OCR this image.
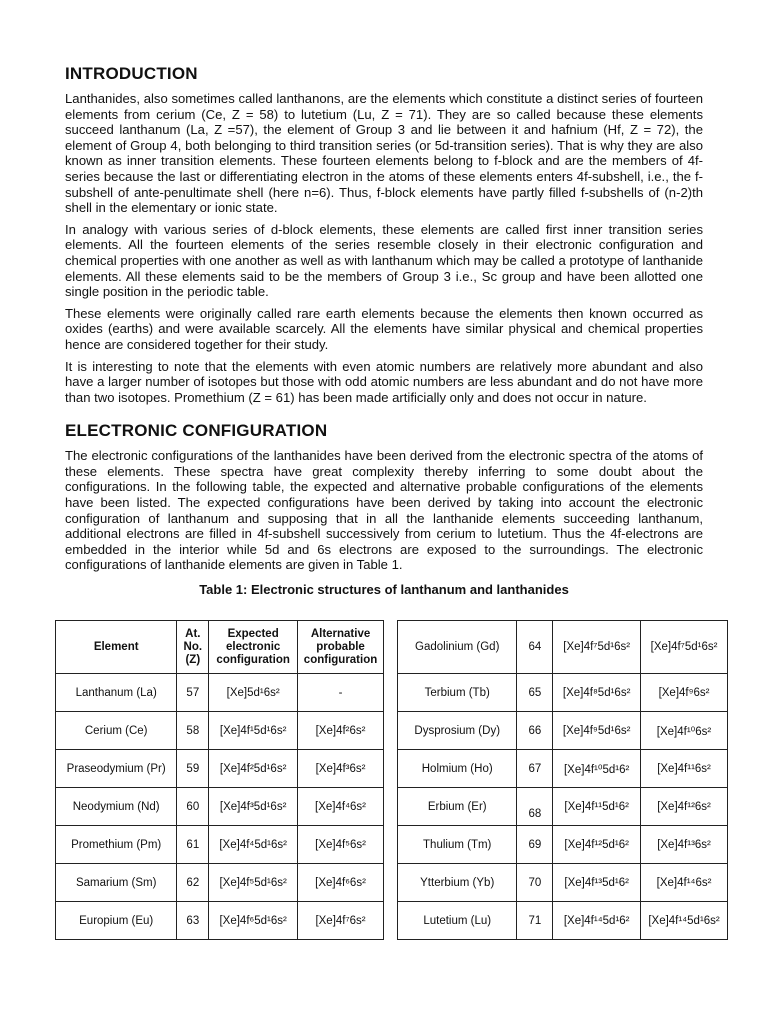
INTRODUCTION

Lanthanides, also sometimes called lanthanons, are the elements which constitute a distinct series of fourteen elements from cerium (Ce, Z = 58) to lutetium (Lu, Z = 71). They are so called because these elements succeed lanthanum (La, Z =57), the element of Group 3 and lie between it and hafnium (Hf, Z = 72), the element of Group 4, both belonging to third transition series (or 5d-transition series). That is why they are also known as inner transition elements. These fourteen elements belong to f-block and are the members of 4f-series because the last or differentiating electron in the atoms of these elements enters 4f-subshell, i.e., the f- subshell of ante-penultimate shell (here n=6). Thus, f-block elements have partly filled f-subshells of (n-2)th shell in the elementary or ionic state.

In analogy with various series of d-block elements, these elements are called first inner transition series elements. All the fourteen elements of the series resemble closely in their electronic configuration and chemical properties with one another as well as with lanthanum which may be called a prototype of lanthanide elements. All these elements said to be the members of Group 3 i.e., Sc group and have been allotted one single position in the periodic table.

These elements were originally called rare earth elements because the elements then known occurred as oxides (earths) and were available scarcely. All the elements have similar physical and chemical properties hence are considered together for their study.

It is interesting to note that the elements with even atomic numbers are relatively more abundant and also have a larger number of isotopes but those with odd atomic numbers are less abundant and do not have more than two isotopes. Promethium (Z = 61) has been made artificially only and does not occur in nature.

ELECTRONIC CONFIGURATION

The electronic configurations of the lanthanides have been derived from the electronic spectra of the atoms of these elements. These spectra have great complexity thereby inferring to some doubt about the configurations. In the following table, the expected and alternative probable configurations of the elements have been listed. The expected configurations have been derived by taking into account the electronic configuration of lanthanum and supposing that in all the lanthanide elements succeeding lanthanum, additional electrons are filled in 4f-subshell successively from cerium to lutetium. Thus the 4f-electrons are embedded in the interior while 5d and 6s electrons are exposed to the surroundings. The electronic configurations of lanthanide elements are given in Table 1.

Table 1: Electronic structures of lanthanum and lanthanides
Element	At.
No.
(Z)	Expected
electronic
configuration	Alternative
probable
configuration
Lanthanum (La)	57	[Xe]5d¹6s²	-
Cerium (Ce)	58	[Xe]4f¹5d¹6s²	[Xe]4f²6s²
Praseodymium (Pr)	59	[Xe]4f²5d¹6s²	[Xe]4f³6s²
Neodymium (Nd)	60	[Xe]4f³5d¹6s²	[Xe]4f⁴6s²
Promethium (Pm)	61	[Xe]4f⁴5d¹6s²	[Xe]4f⁵6s²
Samarium (Sm)	62	[Xe]4f⁵5d¹6s²	[Xe]4f⁶6s²
Europium (Eu)	63	[Xe]4f⁶5d¹6s²	[Xe]4f⁷6s²
Gadolinium (Gd)	64	[Xe]4f⁷5d¹6s²	[Xe]4f⁷5d¹6s²
Terbium (Tb)	65	[Xe]4f⁸5d¹6s²	[Xe]4f⁹6s²
Dysprosium (Dy)	66	[Xe]4f⁹5d¹6s²	[Xe]4f¹⁰6s²
Holmium (Ho)	67	[Xe]4f¹⁰5d¹6²	[Xe]4f¹¹6s²
Erbium (Er)	68	[Xe]4f¹¹5d¹6²	[Xe]4f¹²6s²
Thulium (Tm)	69	[Xe]4f¹²5d¹6²	[Xe]4f¹³6s²
Ytterbium (Yb)	70	[Xe]4f¹³5d¹6²	[Xe]4f¹⁴6s²
Lutetium (Lu)	71	[Xe]4f¹⁴5d¹6²	[Xe]4f¹⁴5d¹6s²
